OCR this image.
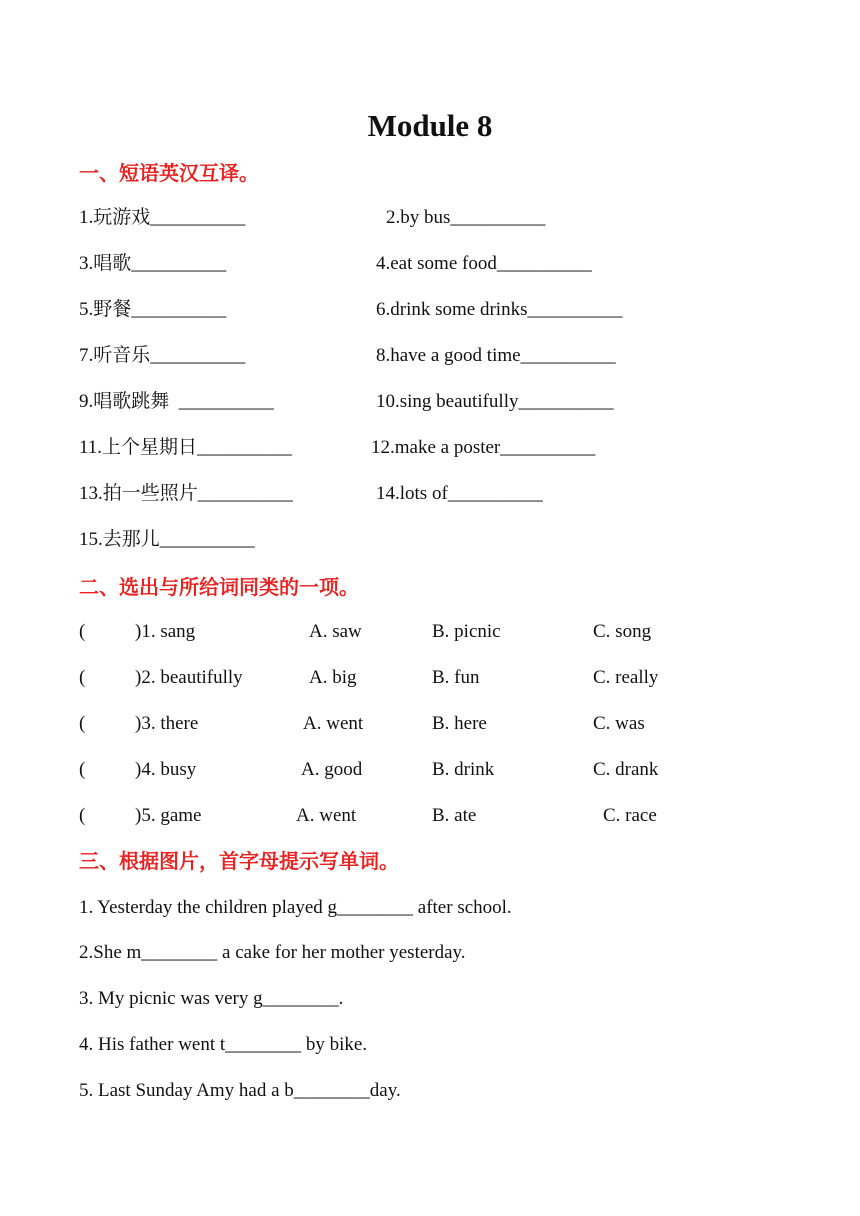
Module 8
一、短语英汉互译。
1.玩游戏__________	2.by bus__________
3.唱歌__________	4.eat some food__________
5.野餐__________	6.drink some drinks__________
7.听音乐__________	8.have a good time__________
9.唱歌跳舞  __________	10.sing beautifully__________
11.上个星期日__________	12.make a poster__________
13.拍一些照片__________	14.lots of__________
15.去那儿__________
二、选出与所给词同类的一项。
(	)1. sang	A. saw	B. picnic	C. song
(	)2. beautifully	A. big	B. fun	C. really
(	)3. there	A. went	B. here	C. was
(	)4. busy	A. good	B. drink	C. drank
(	)5. game	A. went	B. ate	C. race
三、根据图片，首字母提示写单词。
1. Yesterday the children played g________ after school.
2.She m________ a cake for her mother yesterday.
3. My picnic was very g________.
4. His father went t________ by bike.
5. Last Sunday Amy had a b________day.
